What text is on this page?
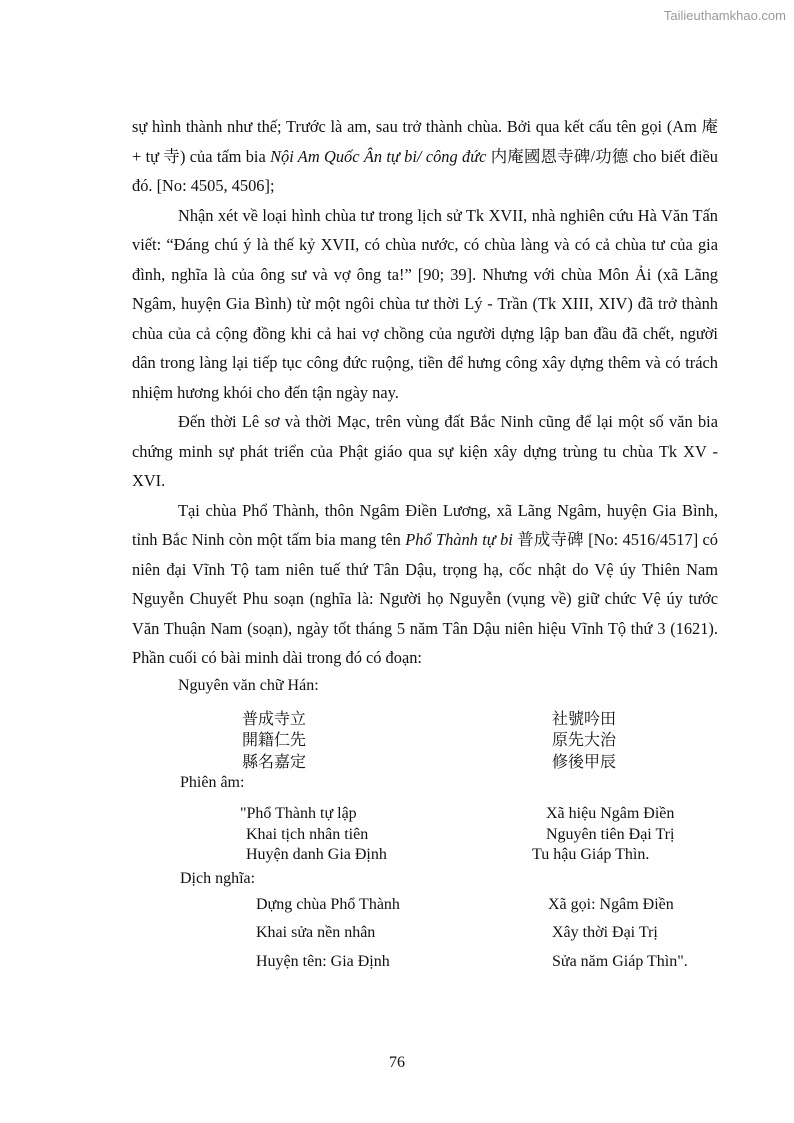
Tailieuthamkhao.com

sự hình thành như thế; Trước là am, sau trở thành chùa. Bởi qua kết cấu tên gọi (Am 庵 + tự 寺) của tấm bia Nội Am Quốc Ân tự bi/ công đức 内庵國恩寺碑/功德 cho biết điều đó. [No: 4505, 4506];

Nhận xét về loại hình chùa tư trong lịch sử Tk XVII, nhà nghiên cứu Hà Văn Tấn viết: “Đáng chú ý là thế kỷ XVII, có chùa nước, có chùa làng và có cả chùa tư của gia đình, nghĩa là của ông sư và vợ ông ta!” [90; 39]. Nhưng với chùa Môn Ải (xã Lãng Ngâm, huyện Gia Bình) từ một ngôi chùa tư thời Lý - Trần (Tk XIII, XIV) đã trở thành chùa của cả cộng đồng khi cả hai vợ chồng của người dựng lập ban đầu đã chết, người dân trong làng lại tiếp tục công đức ruộng, tiền để hưng công xây dựng thêm và có trách nhiệm hương khói cho đến tận ngày nay.

Đến thời Lê sơ và thời Mạc, trên vùng đất Bắc Ninh cũng để lại một số văn bia chứng minh sự phát triển của Phật giáo qua sự kiện xây dựng trùng tu chùa Tk XV - XVI.

Tại chùa Phổ Thành, thôn Ngâm Điền Lương, xã Lãng Ngâm, huyện Gia Bình, tỉnh Bắc Ninh còn một tấm bia mang tên Phổ Thành tự bi 普成寺碑 [No: 4516/4517] có niên đại Vĩnh Tộ tam niên tuế thứ Tân Dậu, trọng hạ, cốc nhật do Vệ úy Thiên Nam Nguyễn Chuyết Phu soạn (nghĩa là: Người họ Nguyễn (vụng về) giữ chức Vệ úy tước Văn Thuận Nam (soạn), ngày tốt tháng 5 năm Tân Dậu niên hiệu Vĩnh Tộ thứ 3 (1621). Phần cuối có bài minh dài trong đó có đoạn:

Nguyên văn chữ Hán:
普成寺立	社號吟田
開籍仁先	原先大治
縣名嘉定	修後甲辰
Phiên âm:
"Phổ Thành tự lập	Xã hiệu Ngâm Điền
Khai tịch nhân tiên	Nguyên tiên Đại Trị
Huyện danh Gia Định	Tu hậu Giáp Thìn.
Dịch nghĩa:
Dựng chùa Phổ Thành	Xã gọi: Ngâm Điền
Khai sửa nền nhân	Xây thời Đại Trị
Huyện tên: Gia Định	Sửa năm Giáp Thìn".
76
